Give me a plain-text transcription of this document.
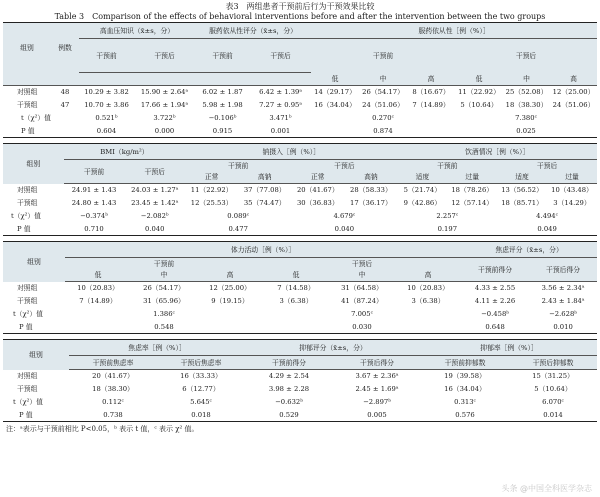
表3　两组患者干预前后行为干预效果比较

Table 3　Comparison of the effects of behavioral interventions before and after the intervention between the two groups

组别	例数	高血压知识（x̄±s，分）		服药依从性评分（x̄±s，分）		服药依从性［例（%）］					
		干预前	干预后	干预前	干预后	干预前			干预后		

						低	中	高	低	中	高
对照组	48	10.29 ± 3.82	15.90 ± 2.64ᵃ	6.02 ± 1.87	6.42 ± 1.39ᵃ	14（29.17）	26（54.17）	8（16.67）	11（22.92）	25（52.08）	12（25.00）
干预组	47	10.70 ± 3.86	17.66 ± 1.94ᵃ	5.98 ± 1.98	7.27 ± 0.95ᵃ	16（34.04）	24（51.06）	7（14.89）	5（10.64）	18（38.30）	24（51.06）
t（χ²）值		0.521ᵇ	3.722ᵇ	−0.106ᵇ	3.471ᵇ	0.270ᶜ			7.380ᶜ		
P 值		0.604	0.000	0.915	0.001	0.874			0.025		
组别	BMI（kg/m²）		钠摄入［例（%）］				饮酒情况［例（%）］			
	干预前	干预后	干预前		干预后		干预前		干预后	
			正常	高钠	正常	高钠	适度	过量	适度	过量
对照组	24.91 ± 1.43	24.03 ± 1.27ᵃ	11（22.92）	37（77.08）	20（41.67）	28（58.33）	5（21.74）	18（78.26）	13（56.52）	10（43.48）
干预组	24.80 ± 1.43	23.45 ± 1.42ᵃ	12（25.53）	35（74.47）	30（36.83）	17（36.17）	9（42.86）	12（57.14）	18（85.71）	3（14.29）
t（χ²）值	−0.374ᵇ	−2.082ᵇ	0.089ᶜ		4.679ᶜ		2.257ᶜ		4.494ᶜ	
P 值	0.710	0.040	0.477		0.040		0.197		0.049	
组别	体力活动［例（%）］						焦虑评分（x̄±s，分）	
	干预前			干预后			干预前得分	干预后得分
	低	中	高	低	中	高		
对照组	10（20.83）	26（54.17）	12（25.00）	7（14.58）	31（64.58）	10（20.83）	4.33 ± 2.55	3.56 ± 2.34ᵃ
干预组	7（14.89）	31（65.96）	9（19.15）	3（6.38）	41（87.24）	3（6.38）	4.11 ± 2.26	2.43 ± 1.84ᵃ
t（χ²）值	1.386ᶜ			7.005ᶜ			−0.458ᵇ	−2.628ᵇ
P 值	0.548			0.030			0.648	0.010
组别	焦虑率［例（%）］		抑郁评分（x̄±s，分）		抑郁率［例（%）］	
	干预前焦虑率	干预后焦虑率	干预前得分	干预后得分	干预前抑郁数	干预后抑郁数
对照组	20（41.67）	16（33.33）	4.29 ± 2.54	3.67 ± 2.36ᵃ	19（39.58）	15（31.25）
干预组	18（38.30）	6（12.77）	3.98 ± 2.28	2.45 ± 1.69ᵃ	16（34.04）	5（10.64）
t（χ²）值	0.112ᶜ	5.645ᶜ	−0.632ᵇ	−2.897ᵇ	0.313ᶜ	6.070ᶜ
P 值	0.738	0.018	0.529	0.005	0.576	0.014
注：ᵃ表示与干预前相比 P<0.05，ᵇ 表示 t 值，ᶜ 表示 χ² 值。
头条 @中国全科医学杂志
